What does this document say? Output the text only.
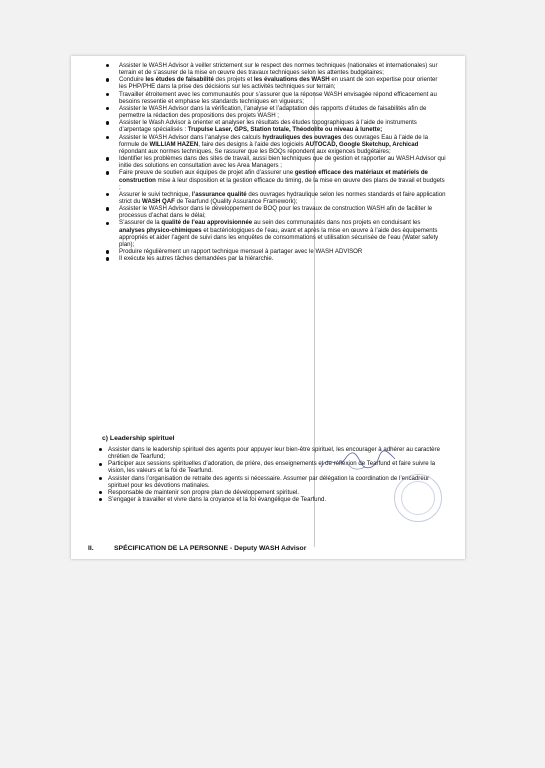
Assister le WASH Advisor à veiller strictement sur le respect des normes techniques (nationales et internationales) sur terrain et de s’assurer de la mise en œuvre des travaux techniques selon les attentes budgétaires;

Conduire les études de faisabilité des projets et les évaluations des WASH en usant de son expertise pour orienter les PHP/PHE dans la prise des décisions sur les activités techniques sur terrain;

Travailler étroitement avec les communautés pour s’assurer que la réponse WASH envisagée répond efficacement au besoins ressentie et emphase les standards techniques en vigueurs;

Assister le WASH Advisor dans la vérification, l’analyse et l’adaptation des rapports d’études de faisabilités afin de permettre la rédaction des propositions des projets WASH ;

Assister le Wash Advisor à orienter et analyser les résultats des études topographiques à l’aide de instruments d’arpentage spécialisés : Trupulse Laser, GPS, Station totale, Théodolite ou niveau à lunette;

Assister le WASH Advisor dans l’analyse des calculs hydrauliques des ouvrages des ouvrages Eau à l’aide de la formule de WILLIAM HAZEN, faire des designs à l’aide des logiciels AUTOCAD, Google Sketchup, Archicad répondant aux normes techniques, Se rassurer que les BOQs répondent aux exigences budgétaires;

Identifier les problèmes dans des sites de travail, aussi bien techniques que de gestion et rapporter au WASH Advisor qui initie des solutions en consultation avec les Area Managers ;

Faire preuve de soutien aux équipes de projet afin d’assurer une gestion efficace des matériaux et matériels de construction mise à leur disposition et la gestion efficace du timing, de la mise en œuvre des plans de travail et budgets ;

Assurer le suivi technique, l’assurance qualité des ouvrages hydraulique selon les normes standards et faire application strict du WASH QAF de Tearfund (Quality Assurance Framework);

Assister le WASH Advisor dans le développement de BOQ pour les travaux de construction WASH afin de faciliter le processus d’achat dans le délai;

S’assurer de la qualité de l’eau approvisionnée au sein des communautés dans nos projets en conduisant les analyses physico-chimiques et bactériologiques de l’eau, avant et après la mise en œuvre à l’aide des équipements appropriés et aider l’agent de suivi dans les enquêtes de consommations et utilisation sécurisée de l’eau (Water safety plan);

Produire régulièrement un rapport technique mensuel à partager avec le WASH ADVISOR

Il exécute les autres tâches demandées par la hiérarchie.

c) Leadership spirituel

Assister dans le leadership spirituel des agents pour appuyer leur bien-être spirituel, les encourager à adhérer au caractère chrétien de Tearfund;

Participer aux sessions spirituelles d’adoration, de prière, des enseignements et de réflexion de Tearfund et faire suivre la vision, les valeurs et la foi de Tearfund.

Assister dans l’organisation de retraite des agents si nécessaire. Assumer par délégation la coordination de l’encadreur spirituel pour les dévotions matinales.

Responsable de maintenir son propre plan de développement spirituel.

S’engager à travailler et vivre dans la croyance et la foi évangélique de Tearfund.

II.	SPÉCIFICATION DE LA PERSONNE - Deputy WASH Advisor
